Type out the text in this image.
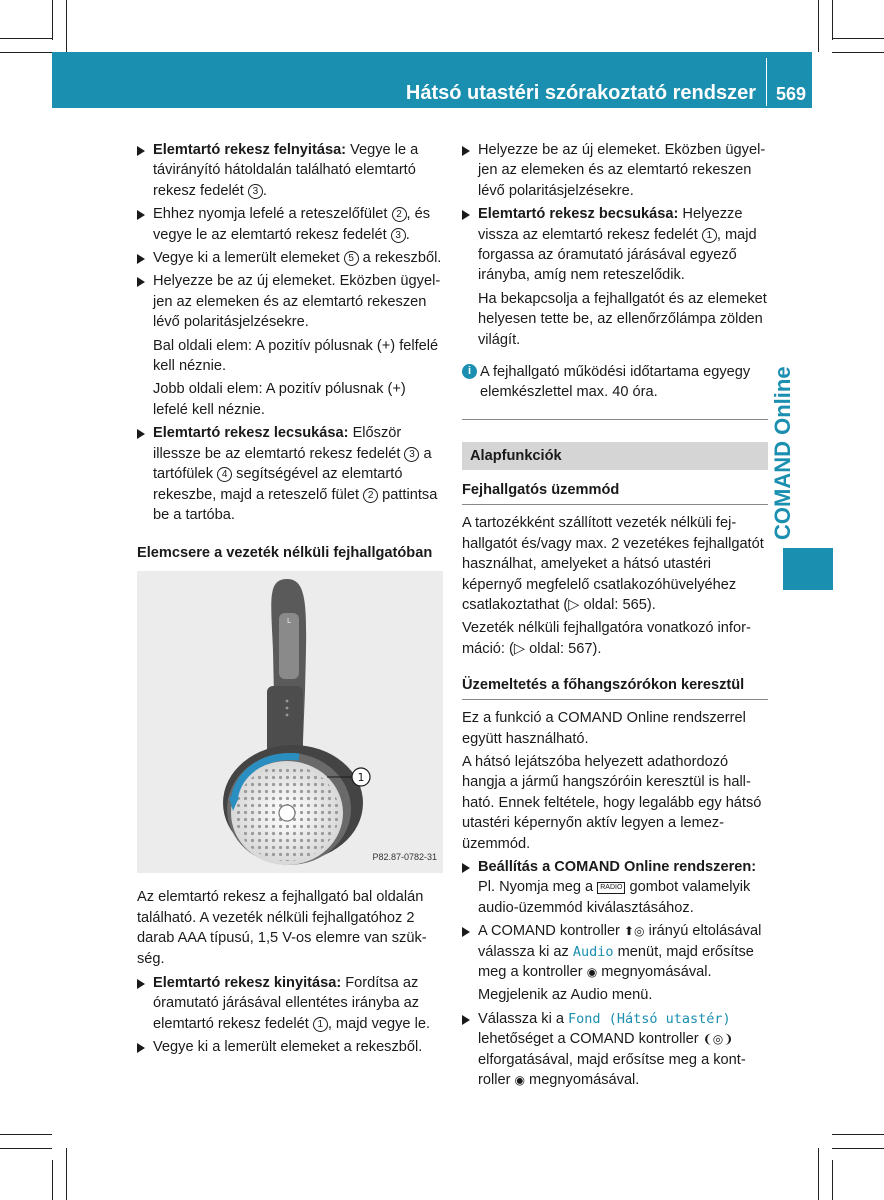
Hátsó utastéri szórakoztató rendszer 569
COMAND Online
Elemtartó rekesz felnyitása: Vegye le a távirányító hátoldalán található elemtartó rekesz fedelét 3 .
Ehhez nyomja lefelé a reteszelőfület 2 , és vegye le az elemtartó rekesz fedelét 3 .
Vegye ki a lemerült elemeket 5 a rekeszből.
Helyezze be az új elemeket. Eközben ügyeljen az elemeken és az elemtartó rekeszen lévő polaritásjelzésekre.
Bal oldali elem: A pozitív pólusnak (+) felfelé kell néznie.
Jobb oldali elem: A pozitív pólusnak (+) lefelé kell néznie.
Elemtartó rekesz lecsukása: Először illessze be az elemtartó rekesz fedelét 3 a tartófülek 4 segítségével az elemtartó rekeszbe, majd a reteszelő fület 2 pattintsa be a tartóba.
Elemcsere a vezeték nélküli fejhallgatóban
L
1
P82.87-0782-31
Az elemtartó rekesz a fejhallgató bal oldalán található. A vezeték nélküli fejhallgatóhoz 2 darab AAA típusú, 1,5 V-os elemre van szükség.
Elemtartó rekesz kinyitása: Fordítsa az óramutató járásával ellentétes irányba az elemtartó rekesz fedelét 1 , majd vegye le.
Vegye ki a lemerült elemeket a rekeszből.
Helyezze be az új elemeket. Eközben ügyeljen az elemeken és az elemtartó rekeszen lévő polaritásjelzésekre.
Elemtartó rekesz becsukása: Helyezze vissza az elemtartó rekesz fedelét 1 , majd forgassa az óramutató járásával egyező irányba, amíg nem reteszelődik.
Ha bekapcsolja a fejhallgatót és az elemeket helyesen tette be, az ellenőrzőlámpa zölden világít.
i A fejhallgató működési időtartama egyegy elemkészlettel max. 40 óra.
Alapfunkciók
Fejhallgatós üzemmód
A tartozékként szállított vezeték nélküli fejhallgatót és/vagy max. 2 vezetékes fejhallgatót használhat, amelyeket a hátsó utastéri képernyő megfelelő csatlakozóhüvelyéhez csatlakoztathat (▷ oldal: 565).
Vezeték nélküli fejhallgatóra vonatkozó információ: (▷ oldal: 567).
Üzemeltetés a főhangszórókon keresztül
Ez a funkció a COMAND Online rendszerrel együtt használható.
A hátsó lejátszóba helyezett adathordozó hangja a jármű hangszóróin keresztül is hallható. Ennek feltétele, hogy legalább egy hátsó utastéri képernyőn aktív legyen a lemezüzemmód.
Beállítás a COMAND Online rendszeren: Pl. Nyomja meg a RADIO gombot valamelyik audio-üzemmód kiválasztásához.
A COMAND kontroller ⬆◎ irányú eltolásával válassza ki az Audio menüt, majd erősítse meg a kontroller ◉ megnyomásával.
Megjelenik az Audio menü.
Válassza ki a Fond (Hátsó utastér) lehetőséget a COMAND kontroller ❨◎❩ elforgatásával, majd erősítse meg a kontroller ◉ megnyomásával.
